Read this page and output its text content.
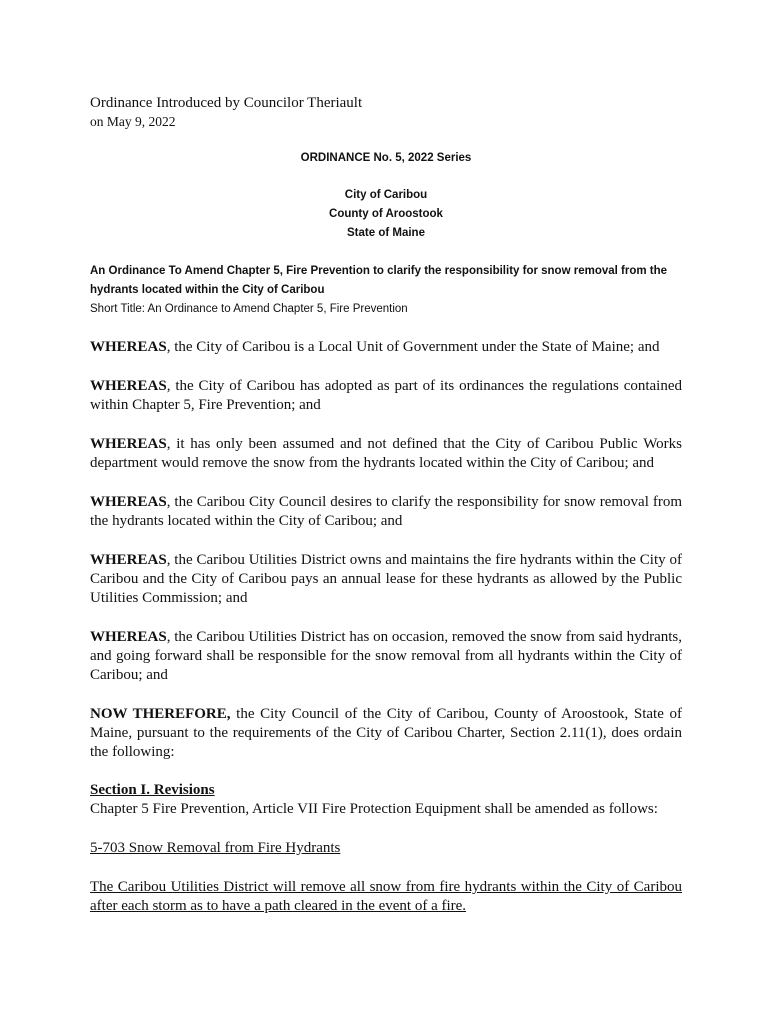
Ordinance Introduced by Councilor Theriault

on May 9, 2022

ORDINANCE No. 5, 2022 Series

City of Caribou
County of Aroostook
State of Maine
An Ordinance To Amend Chapter 5, Fire Prevention to clarify the responsibility for snow removal from the hydrants located within the City of Caribou

Short Title: An Ordinance to Amend Chapter 5, Fire Prevention

WHEREAS, the City of Caribou is a Local Unit of Government under the State of Maine; and

WHEREAS, the City of Caribou has adopted as part of its ordinances the regulations contained within Chapter 5, Fire Prevention; and

WHEREAS, it has only been assumed and not defined that the City of Caribou Public Works department would remove the snow from the hydrants located within the City of Caribou; and

WHEREAS, the Caribou City Council desires to clarify the responsibility for snow removal from the hydrants located within the City of Caribou; and

WHEREAS, the Caribou Utilities District owns and maintains the fire hydrants within the City of Caribou and the City of Caribou pays an annual lease for these hydrants as allowed by the Public Utilities Commission; and

WHEREAS, the Caribou Utilities District has on occasion, removed the snow from said hydrants, and going forward shall be responsible for the snow removal from all hydrants within the City of Caribou; and

NOW THEREFORE, the City Council of the City of Caribou, County of Aroostook, State of Maine, pursuant to the requirements of the City of Caribou Charter, Section 2.11(1), does ordain the following:

Section I. Revisions

Chapter 5 Fire Prevention, Article VII Fire Protection Equipment shall be amended as follows:

5-703 Snow Removal from Fire Hydrants
The Caribou Utilities District will remove all snow from fire hydrants within the City of Caribou after each storm as to have a path cleared in the event of a fire.
